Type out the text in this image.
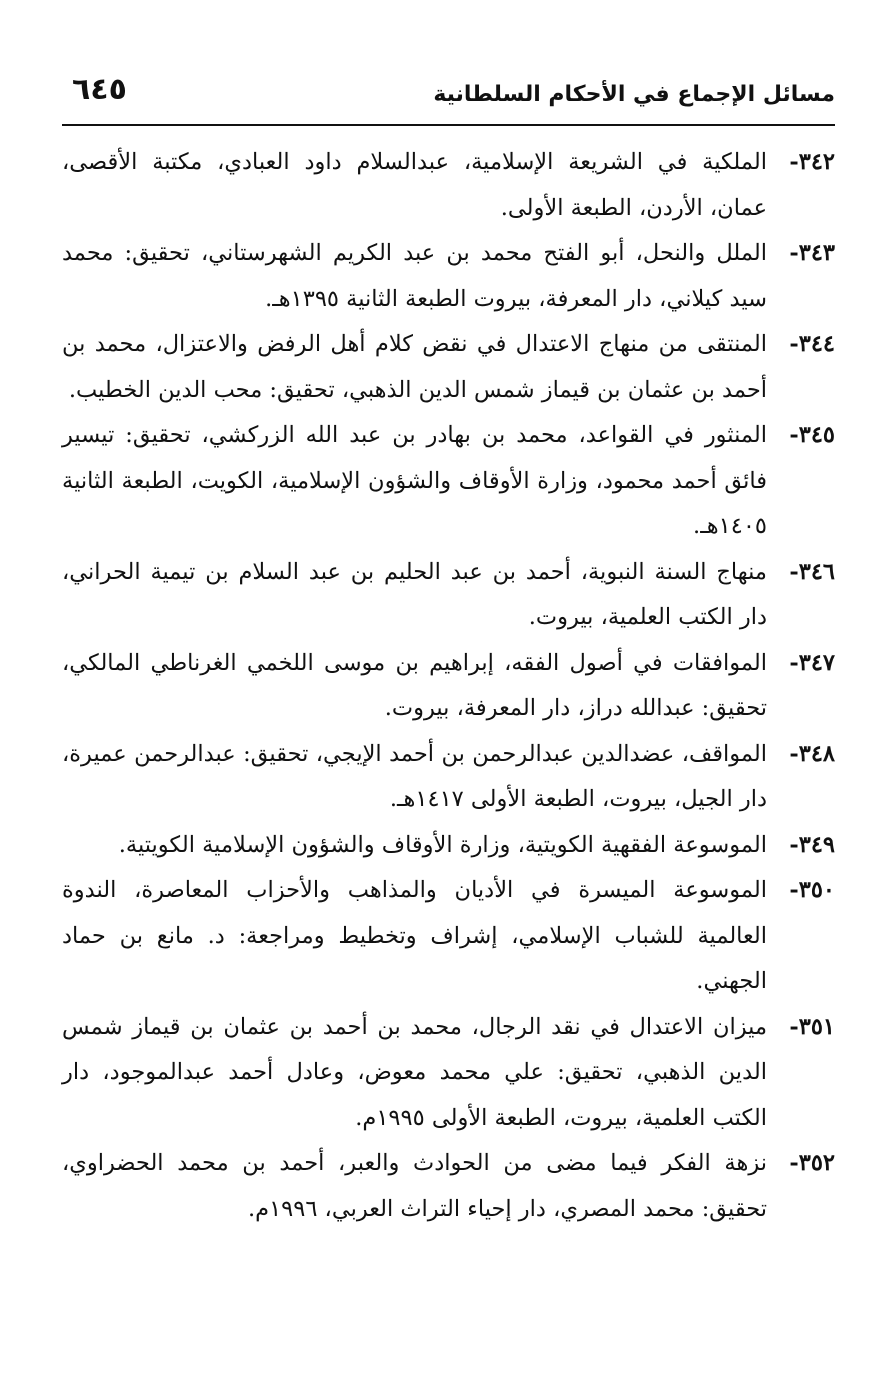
مسائل الإجماع في الأحكام السلطانية
٦٤٥

٣٤٢-
الملكية في الشريعة الإسلامية، عبدالسلام داود العبادي، مكتبة الأقصى، عمان، الأردن، الطبعة الأولى.

٣٤٣-
الملل والنحل، أبو الفتح محمد بن عبد الكريم الشهرستاني، تحقيق: محمد سيد كيلاني، دار المعرفة، بيروت الطبعة الثانية ١٣٩٥هـ.

٣٤٤-
المنتقى من منهاج الاعتدال في نقض كلام أهل الرفض والاعتزال، محمد بن أحمد بن عثمان بن قيماز شمس الدين الذهبي، تحقيق: محب الدين الخطيب.

٣٤٥-
المنثور في القواعد، محمد بن بهادر بن عبد الله الزركشي، تحقيق: تيسير فائق أحمد محمود، وزارة الأوقاف والشؤون الإسلامية، الكويت، الطبعة الثانية ١٤٠٥هـ.

٣٤٦-
منهاج السنة النبوية، أحمد بن عبد الحليم بن عبد السلام بن تيمية الحراني، دار الكتب العلمية، بيروت.

٣٤٧-
الموافقات في أصول الفقه، إبراهيم بن موسى اللخمي الغرناطي المالكي، تحقيق: عبدالله دراز، دار المعرفة، بيروت.

٣٤٨-
المواقف، عضدالدين عبدالرحمن بن أحمد الإيجي، تحقيق: عبدالرحمن عميرة، دار الجيل، بيروت، الطبعة الأولى ١٤١٧هـ.

٣٤٩-
الموسوعة الفقهية الكويتية، وزارة الأوقاف والشؤون الإسلامية الكويتية.

٣٥٠-
الموسوعة الميسرة في الأديان والمذاهب والأحزاب المعاصرة، الندوة العالمية للشباب الإسلامي، إشراف وتخطيط ومراجعة: د. مانع بن حماد الجهني.

٣٥١-
ميزان الاعتدال في نقد الرجال، محمد بن أحمد بن عثمان بن قيماز شمس الدين الذهبي، تحقيق: علي محمد معوض، وعادل أحمد عبدالموجود، دار الكتب العلمية، بيروت، الطبعة الأولى ١٩٩٥م.

٣٥٢-
نزهة الفكر فيما مضى من الحوادث والعبر، أحمد بن محمد الحضراوي، تحقيق: محمد المصري، دار إحياء التراث العربي، ١٩٩٦م.
